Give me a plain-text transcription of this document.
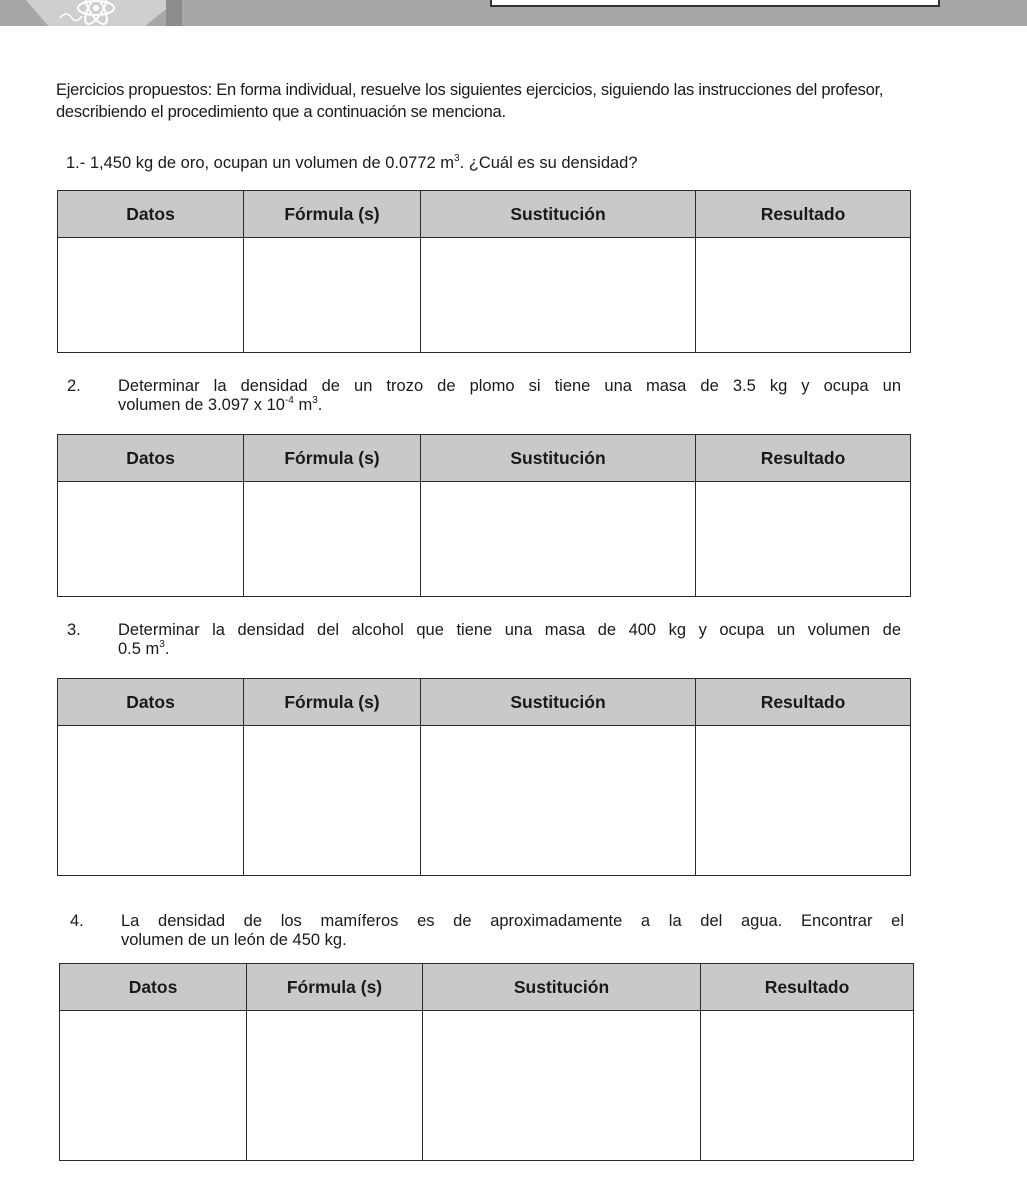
Ejercicios propuestos: En forma individual, resuelve los siguientes ejercicios, siguiendo las instrucciones del profesor, describiendo el procedimiento que a continuación se menciona.

1.- 1,450 kg de oro, ocupan un volumen de 0.0772 $m^3$. ¿Cuál es su densidad?

Datos	Fórmula (s)	Sustitución	Resultado

2.	Determinar la densidad de un trozo de plomo si tiene una masa de 3.5 kg y ocupa un
volumen de 3.097 x $10^{-4}$ $m^3$.
Datos	Fórmula (s)	Sustitución	Resultado

3.	Determinar la densidad del alcohol que tiene una masa de 400 kg y ocupa un volumen de
0.5 $m^3$.
Datos	Fórmula (s)	Sustitución	Resultado

4.	La densidad de los mamíferos es de aproximadamente a la del agua. Encontrar el
volumen de un león de 450 kg.
Datos	Fórmula (s)	Sustitución	Resultado
